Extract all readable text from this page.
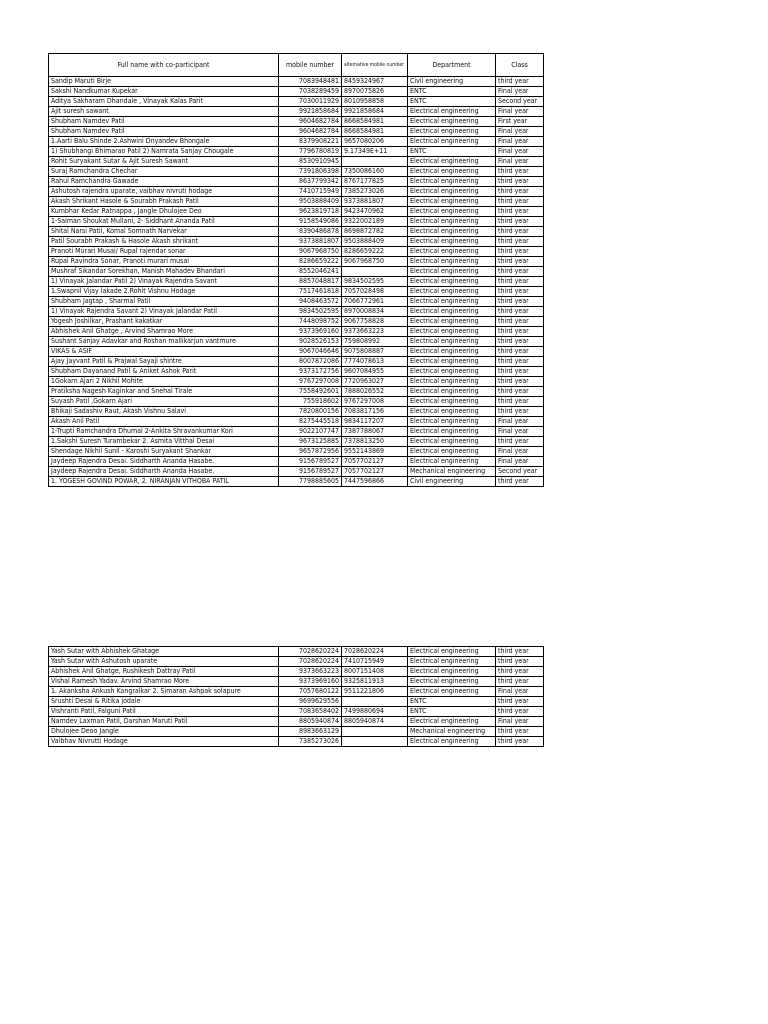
Full name with co-participant	mobile number	alternative mobile number	Department	Class
Sandip Maruti Birje	7083948481	8459324967	Civil engineering	third year
Sakshi Nandkumar Kupekar	7038289459	8970075826	ENTC	Final year
Aditya Sakharam Dhandale , Vinayak Kalas Parit	7030011929	8010958858	ENTC	Second year
Ajit suresh sawant	9921858684	9921858684	Electrical engineering	Final year
Shubham Namdev Patil	9604682784	8668584981	Electrical engineering	First year
Shubham Namdev Patil	9604682784	8668584981	Electrical engineering	Final year
1.Aarti Balu Shinde 2.Ashwini Dnyandev Bhongale	8379908221	9657080206	Electrical engineering	Final year
1) Shubhangi Bhimarao Patil 2) Namrata Sanjay Chougale	7796780819	9.17349E+11	ENTC	Final year
Rohit Suryakant Sutar & Ajit Suresh Sawant	8530910945		Electrical engineering	Final year
Suraj Ramchandra Chechar	7391806398	7350086160	Electrical engineering	third year
Rahul Ramchandra Gawade	8637799342	8767177825	Electrical engineering	third year
Ashutosh rajendra uparate, vaibhav nivruti hodage	7410715949	7385273026	Electrical engineering	third year
Akash Shrikant Hasole & Sourabh Prakash Patil	9503888409	9373881807	Electrical engineering	third year
Kumbhar Kedar Ratnappa , Jangle Dhulojee Deo	9623819718	9423470962	Electrical engineering	third year
1-Salman Shoukat Mullani, 2- Siddhant Ananda Patil	9158549086	9322002189	Electrical engineering	third year
Shital Narsi Patil, Komal Somnath Narvekar	8390486878	8698872782	Electrical engineering	third year
Patil Sourabh Prakash & Hasole Akash shrikant	9373881807	9503888409	Electrical engineering	third year
Pranoti Murari Musai/ Rupal rajendar sonar	9067968750	8286659222	Electrical engineering	third year
Rupal Ravindra Sonar, Pranoti murari musai	8286659222	9067968750	Electrical engineering	third year
Mushraf Sikandar Sorekhan, Manish Mahadev Bhandari	8552046241		Electrical engineering	third year
1) Vinayak Jalandar Patil 2) Vinayak Rajendra Savant	8857048817	9834502595	Electrical engineering	third year
1.Swapnil Vijay lakade 2.Rohit Vishnu Hodage	7517461818	7057028498	Electrical engineering	third year
Shubham Jagtap , Sharmal Patil	9408463572	7066772961	Electrical engineering	third year
1) Vinayak Rajendra Savant 2) Vinayak Jalandar Patil	9834502595	8970008834	Electrical engineering	third year
Yogesh Joshilkar, Prashant kakatkar	7448098752	9067758828	Electrical engineering	third year
Abhishek Anil Ghatge , Arvind Shamrao More	9373969160	9373663223	Electrical engineering	third year
Sushant Sanjay Adavkar and Roshan mallikarjun vantmure	9028526153	759808992	Electrical engineering	third year
VIKAS & ASIF	9067046646	9075808887	Electrical engineering	third year
Ajay Jayvant Patil & Prajwal Sayaji shintre	8007872086	7774078613	Electrical engineering	third year
Shubham Dayanand Patil & Aniket Ashok Parit	9373172756	9607084955	Electrical engineering	third year
1Gokarn Ajari 2 Nikhil Mohite	9767297008	7720963027	Electrical engineering	third year
Pratiksha Nagesh Kaginkar and Snehal Tirale	7558492601	7888026552	Electrical engineering	third year
Suyash Patil ,Gokarn Ajari	755918602	9767297008	Electrical engineering	third year
Bhikaji Sadashiv Raut, Akash Vishnu Salavi	7820800156	7083817156	Electrical engineering	third year
Akash Anil Patil	8275445518	9834117207	Electrical engineering	Final year
1-Trupti Ramchandra Dhumal 2-Ankita Shravankumar Kori	9022107747	7387788067	Electrical engineering	Final year
1.Sakshi Suresh Turambekar 2. Asmita Vitthal Desai	9673125885	7378813250	Electrical engineering	third year
Shendage Nikhil Sunil - Karoshi Suryakant Shankar	9657872956	9552143869	Electrical engineering	Final year
Jaydeep Rajendra Desai. Siddharth Ananda Hasabe.	9156789527	7057702127	Electrical engineering	Final year
Jaydeep Rajendra Desai. Siddharth Ananda Hasabe.	9156789527	7057702127	Mechanical engineering	Second year
1. YOGESH GOVIND POWAR, 2. NIRANJAN VITHOBA PATIL	7798885605	7447596866	Civil engineering	third year
Yash Sutar with Abhishek Ghatage	7028620224	7028620224	Electrical engineering	third year
Yash Sutar with Ashutosh uparate	7028620224	7410715949	Electrical engineering	third year
Abhishek Anil Ghatge, Rushikesh Dattray Patil	9373663223	8007151408	Electrical engineering	third year
Vishal Ramesh Yadav. Arvind Shamrao More	9373969160	9325811913	Electrical engineering	third year
1. Akanksha Ankush Kangralkar 2. Simaran Ashpak solapure	7057680122	9511221806	Electrical engineering	Final year
Srushti Desai & Ritika jodale	9699629556		ENTC	third year
Vishranti Patil, Falguni Patil	7083658402	7499880694	ENTC	third year
Namdev Laxman Patil, Darshan Maruti Patil	8805940874	8805940874	Electrical engineering	Final year
Dhulojee Deoo Jangle	8983663129		Mechanical engineering	third year
Vaibhav Nivrutti Hodage	7385273026		Electrical engineering	third year
